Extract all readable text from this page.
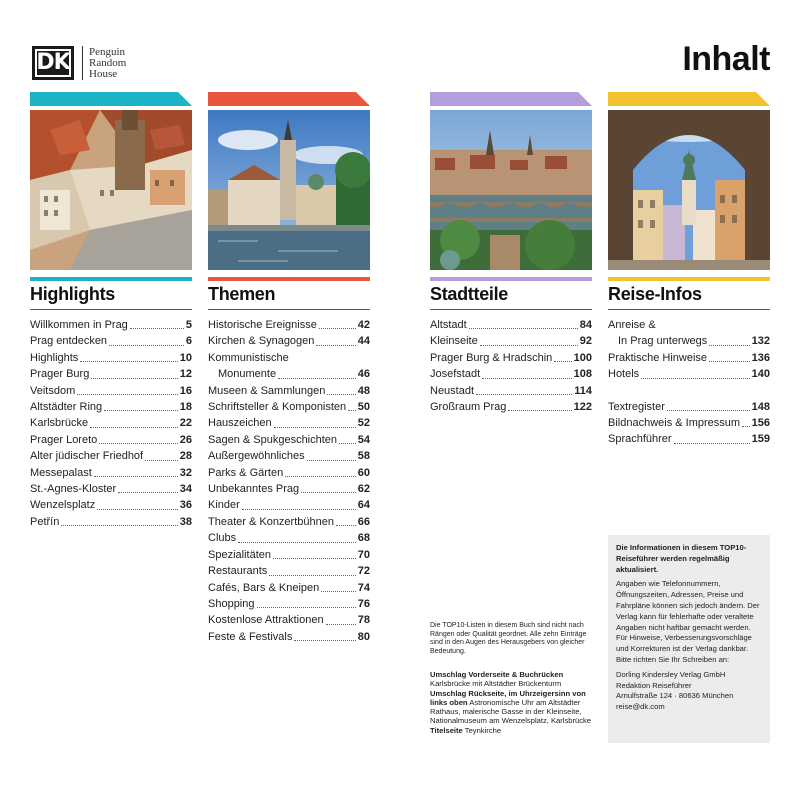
DK	Penguin
Random
House	Inhalt
Highlights
Willkommen in Prag	5
Prag entdecken	6
Highlights	10
Prager Burg	12
Veitsdom	16
Altstädter Ring	18
Karlsbrücke	22
Prager Loreto	26
Alter jüdischer Friedhof	28
Messepalast	32
St.-Agnes-Kloster	34
Wenzelsplatz	36
Petřín	38
Themen
Historische Ereignisse	42
Kirchen & Synagogen	44
Kommunistische
Monumente	46
Museen & Sammlungen	48
Schriftsteller & Komponisten 50
Hauszeichen	52
Sagen & Spukgeschichten 54
Außergewöhnliches	58
Parks & Gärten	60
Unbekanntes Prag	62
Kinder	64
Theater & Konzertbühnen 66
Clubs	68
Spezialitäten	70
Restaurants	72
Cafés, Bars & Kneipen	74
Shopping	76
Kostenlose Attraktionen	78
Feste & Festivals	80
Stadtteile
Altstadt	84
Kleinseite	92
Prager Burg & Hradschin 100
Josefstadt	108
Neustadt	114
Großraum Prag	122
Reise-Infos
Anreise &
In Prag unterwegs	132
Praktische Hinweise	136
Hotels	140
Textregister	148
Bildnachweis & Impressum 156
Sprachführer	159
Die TOP10-Listen in diesem Buch sind nicht nach Rängen oder Qualität geordnet. Alle zehn Einträge sind in den Augen des Herausgebers von gleicher Bedeutung.
Umschlag Vorderseite & Buchrücken
Karlsbrücke mit Altstädter Brückenturm
Umschlag Rückseite, im Uhrzeigersinn von links oben Astronomische Uhr am Altstädter Rathaus, malerische Gasse in der Kleinseite, Nationalmuseum am Wenzelsplatz, Karlsbrücke
Titelseite Teynkirche

Die Informationen in diesem TOP10-Reiseführer werden regelmäßig aktualisiert.

Angaben wie Telefonnummern, Öffnungszeiten, Adressen, Preise und Fahrpläne können sich jedoch ändern. Der Verlag kann für fehlerhafte oder veraltete Angaben nicht haftbar gemacht werden. Für Hinweise, Verbesserungsvorschläge und Korrekturen ist der Verlag dankbar. Bitte richten Sie Ihr Schreiben an:

Dorling Kindersley Verlag GmbH
Redaktion Reiseführer
Arnulfstraße 124 · 80636 München
reise@dk.com
